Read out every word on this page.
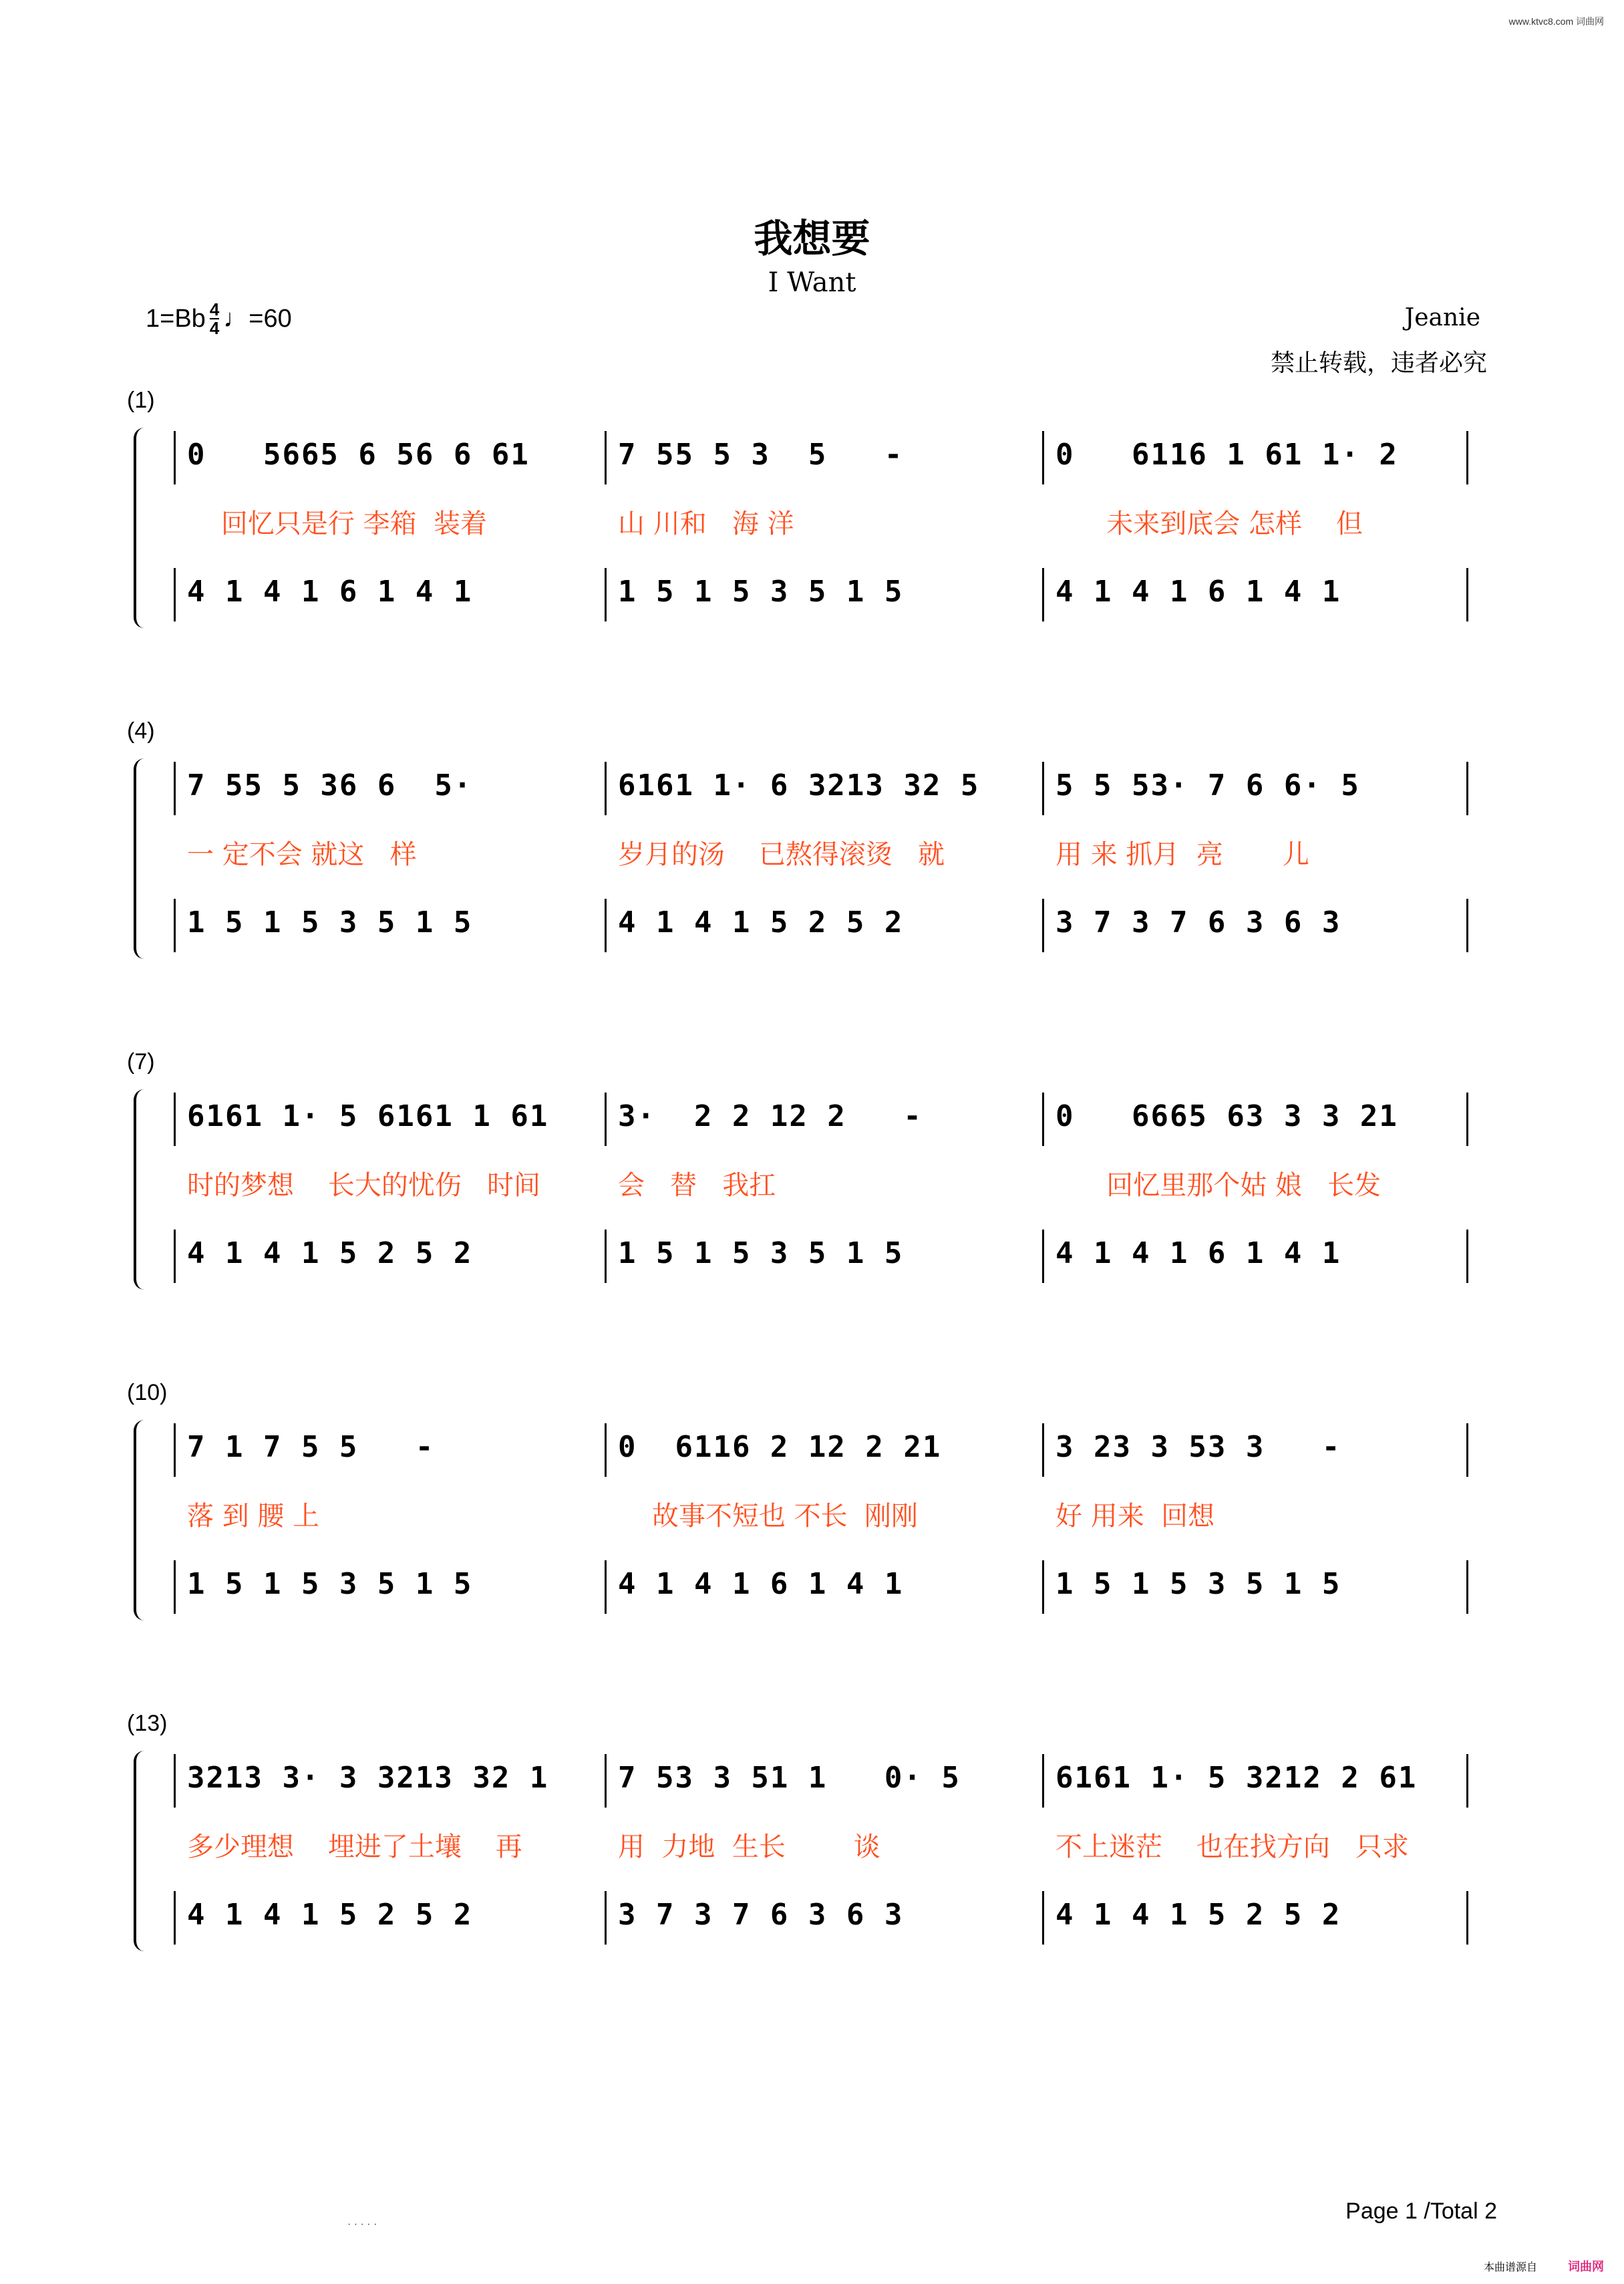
www.ktvc8.com 词曲网
我想要
I Want
1=Bb 4
4 ♩=60	Jeanie
禁止转载，违者必究
(1)
0   5665 6 56 6 61	7 55 5 3  5   -	0   6116 1 61 1· 2
回忆只是行 李箱  装着	山 川和   海 洋	未来到底会 怎样    但
4 1 4 1 6 1 4 1	1 5 1 5 3 5 1 5	4 1 4 1 6 1 4 1
(4)
7 55 5 36 6  5·	6161 1· 6 3213 32 5	5 5 53· 7 6 6· 5
一 定不会 就这   样	岁月的汤    已熬得滚烫   就	用 来 抓月  亮       儿
1 5 1 5 3 5 1 5	4 1 4 1 5 2 5 2	3 7 3 7 6 3 6 3
(7)
6161 1· 5 6161 1 61	3·  2 2 12 2   -	0   6665 63 3 3 21
时的梦想    长大的忧伤   时间	会   替   我扛	回忆里那个姑 娘   长发
4 1 4 1 5 2 5 2	1 5 1 5 3 5 1 5	4 1 4 1 6 1 4 1
(10)
7 1 7 5 5   -	0  6116 2 12 2 21	3 23 3 53 3   -
落 到 腰 上	故事不短也 不长  刚刚	好 用来  回想
1 5 1 5 3 5 1 5	4 1 4 1 6 1 4 1	1 5 1 5 3 5 1 5
(13)
3213 3· 3 3213 32 1	7 53 3 51 1   0· 5	6161 1· 5 3212 2 61
多少理想    埋进了土壤    再	用  力地  生长        谈	不上迷茫    也在找方向   只求
4 1 4 1 5 2 5 2	3 7 3 7 6 3 6 3	4 1 4 1 5 2 5 2
Page 1 /Total 2
· · · · ·
本曲谱源自	词曲网
